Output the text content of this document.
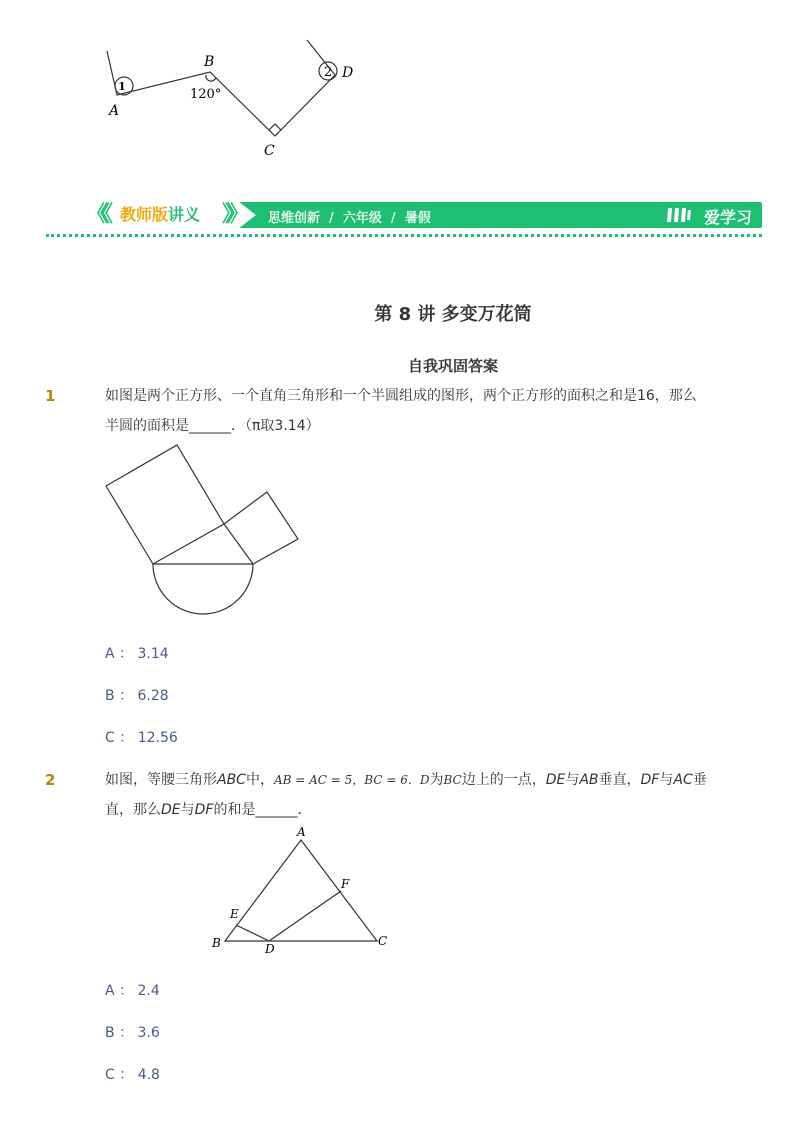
1
2
A
B
120°
C
D
《《 教师版讲义 》》 思维创新  /  六年级  /  暑假	爱学习
第 8 讲 多变万花筒
自我巩固答案
1	如图是两个正方形、一个直角三角形和一个半圆组成的图形，两个正方形的面积之和是16，那么
半圆的面积是______．（π取3.14）
A ： 3.14
B ： 6.28
C ： 12.56
2	如图，等腰三角形ABC中，AB = AC = 5，BC = 6．D为BC边上的一点，DE与AB垂直，DF与AC垂
直，那么DE与DF的和是______．
A
B	C
D
E
F
A ： 2.4
B ： 3.6
C ： 4.8
